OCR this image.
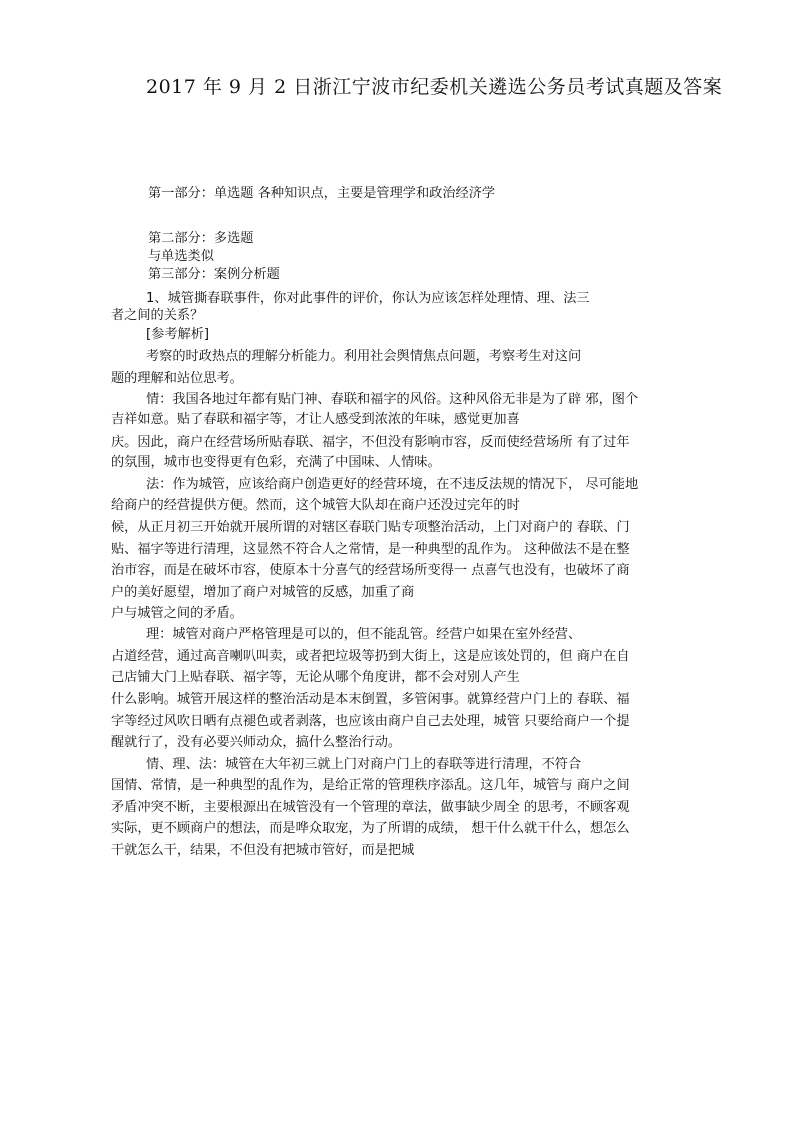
2017 年 9 月 2 日浙江宁波市纪委机关遴选公务员考试真题及答案
第一部分：单选题 各种知识点，主要是管理学和政治经济学
第二部分：多选题
与单选类似
第三部分：案例分析题
1、城管撕春联事件，你对此事件的评价，你认为应该怎样处理情、理、法三
者之间的关系？
[参考解析]
考察的时政热点的理解分析能力。利用社会舆情焦点问题，考察考生对这问
题的理解和站位思考。
情：我国各地过年都有贴门神、春联和福字的风俗。这种风俗无非是为了辟 邪，图个
吉祥如意。贴了春联和福字等，才让人感受到浓浓的年味，感觉更加喜
庆。因此，商户在经营场所贴春联、福字，不但没有影响市容，反而使经营场所 有了过年
的氛围，城市也变得更有色彩，充满了中国味、人情味。
法：作为城管，应该给商户创造更好的经营环境，在不违反法规的情况下， 尽可能地
给商户的经营提供方便。然而，这个城管大队却在商户还没过完年的时
候，从正月初三开始就开展所谓的对辖区春联门贴专项整治活动，上门对商户的 春联、门
贴、福字等进行清理，这显然不符合人之常情，是一种典型的乱作为。 这种做法不是在整
治市容，而是在破坏市容，使原本十分喜气的经营场所变得一 点喜气也没有，也破坏了商
户的美好愿望，增加了商户对城管的反感，加重了商
户与城管之间的矛盾。
理：城管对商户严格管理是可以的，但不能乱管。经营户如果在室外经营、
占道经营，通过高音喇叭叫卖，或者把垃圾等扔到大街上，这是应该处罚的，但 商户在自
己店铺大门上贴春联、福字等，无论从哪个角度讲，都不会对别人产生
什么影响。城管开展这样的整治活动是本末倒置，多管闲事。就算经营户门上的 春联、福
字等经过风吹日晒有点褪色或者剥落，也应该由商户自己去处理，城管 只要给商户一个提
醒就行了，没有必要兴师动众，搞什么整治行动。
情、理、法：城管在大年初三就上门对商户门上的春联等进行清理，不符合
国情、常情，是一种典型的乱作为，是给正常的管理秩序添乱。这几年，城管与 商户之间
矛盾冲突不断，主要根源出在城管没有一个管理的章法，做事缺少周全 的思考，不顾客观
实际，更不顾商户的想法，而是哗众取宠，为了所谓的成绩， 想干什么就干什么，想怎么
干就怎么干，结果，不但没有把城市管好，而是把城
